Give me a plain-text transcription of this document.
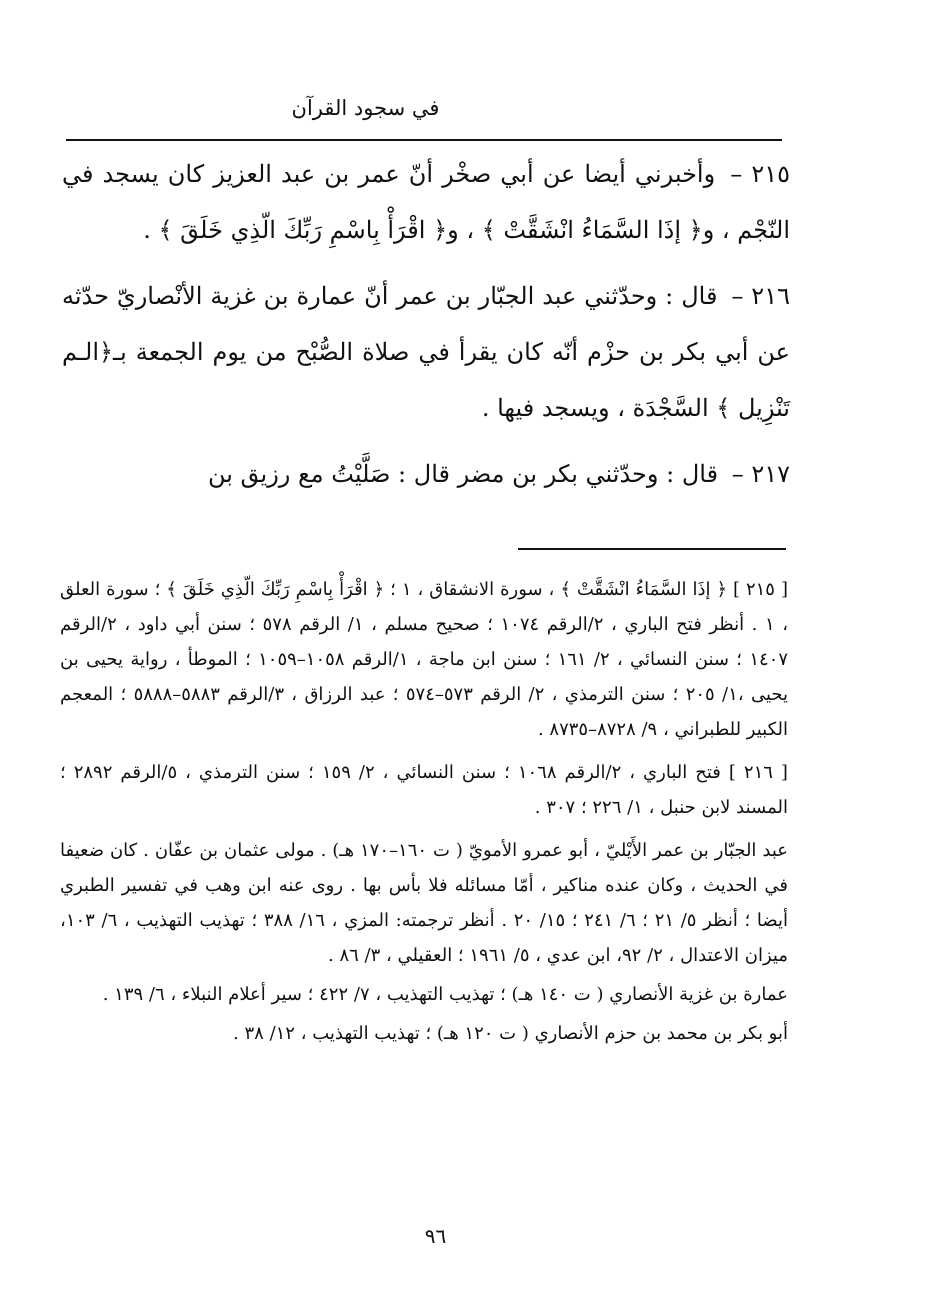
في سجود القرآن

٢١٥ – وأخبرني أيضا عن أبي صخْر أنّ عمر بن عبد العزيز كان يسجد في النّجْم ، و﴿ إذَا السَّمَاءُ انْشَقَّتْ ﴾ ، و﴿ اقْرَأْ بِاسْمِ رَبِّكَ الّذِي خَلَقَ ﴾ .

٢١٦ – قال : وحدّثني عبد الجبّار بن عمر أنّ عمارة بن غزية الأنْصاريّ حدّثه عن أبي بكر بن حزْم أنّه كان يقرأ في صلاة الصُّبْح من يوم الجمعة بـ﴿الـم تَنْزِيل ﴾ السَّجْدَة ، ويسجد فيها .

٢١٧ – قال : وحدّثني بكر بن مضر قال : صَلَّيْتُ مع رزيق بن

[ ٢١٥ ] ﴿ إذَا السَّمَاءُ انْشَقَّتْ ﴾ ، سورة الانشقاق ، ١ ؛ ﴿ اقْرَأْ بِاسْمِ رَبِّكَ الّذِي خَلَقَ ﴾ ؛ سورة العلق ، ١ . أنظر فتح الباري ، ٢/الرقم ١٠٧٤ ؛ صحيح مسلم ، ١/ الرقم ٥٧٨ ؛ سنن أبي داود ، ٢/الرقم ١٤٠٧ ؛ سنن النسائي ، ٢/ ١٦١ ؛ سنن ابن ماجة ، ١/الرقم ١٠٥٨–١٠٥٩ ؛ الموطأ ، رواية يحيى بن يحيى ،١/ ٢٠٥ ؛ سنن الترمذي ، ٢/ الرقم ٥٧٣–٥٧٤ ؛ عبد الرزاق ، ٣/الرقم ٥٨٨٣–٥٨٨٨ ؛ المعجم الكبير للطبراني ، ٩/ ٨٧٢٨–٨٧٣٥ .

[ ٢١٦ ] فتح الباري ، ٢/الرقم ١٠٦٨ ؛ سنن النسائي ، ٢/ ١٥٩ ؛ سنن الترمذي ، ٥/الرقم ٢٨٩٢ ؛ المسند لابن حنبل ، ١/ ٢٢٦ ؛ ٣٠٧ .

عبد الجبّار بن عمر الأَيْليّ ، أبو عمرو الأمويّ ( ت ١٦٠–١٧٠ هـ) . مولى عثمان بن عفّان . كان ضعيفا في الحديث ، وكان عنده مناكير ، أمّا مسائله فلا بأس بها . روى عنه ابن وهب في تفسير الطبري أيضا ؛ أنظر ٥/ ٢١ ؛ ٦/ ٢٤١ ؛ ١٥/ ٢٠ . أنظر ترجمته: المزي ، ١٦/ ٣٨٨ ؛ تهذيب التهذيب ، ٦/ ١٠٣، ميزان الاعتدال ، ٢/ ٩٢، ابن عدي ، ٥/ ١٩٦١ ؛ العقيلي ، ٣/ ٨٦ .

عمارة بن غزية الأنصاري ( ت ١٤٠ هـ) ؛ تهذيب التهذيب ، ٧/ ٤٢٢ ؛ سير أعلام النبلاء ، ٦/ ١٣٩ .

أبو بكر بن محمد بن حزم الأنصاري ( ت ١٢٠ هـ) ؛ تهذيب التهذيب ، ١٢/ ٣٨ .

٩٦
